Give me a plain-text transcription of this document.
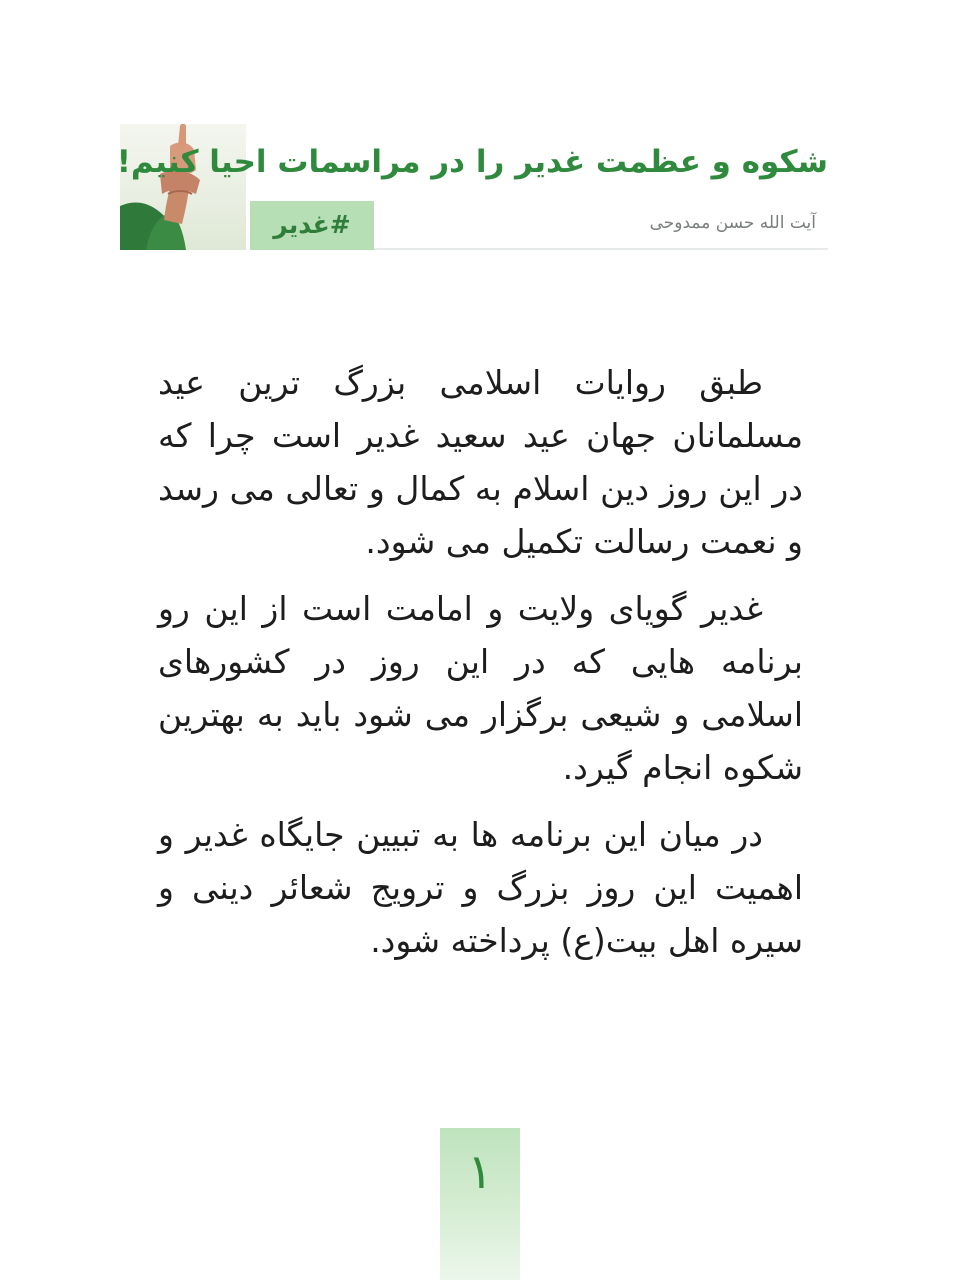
شکوه و عظمت غدیر را در مراسمات احیا کنیم!
#غدیر	آیت الله حسن ممدوحی

طبق روایات اسلامی بزرگ ترین عید مسلمانان جهان عید سعید غدیر است چرا که در این روز دین اسلام به کمال و تعالی می رسد و نعمت رسالت تکمیل می شود.

غدیر گویای ولایت و امامت است از این رو برنامه هایی که در این روز در کشورهای اسلامی و شیعی برگزار می شود باید به بهترین شکوه انجام گیرد.

در میان این برنامه ها به تبیین جایگاه غدیر و اهمیت این روز بزرگ و ترویج شعائر دینی و سیره اهل بیت(ع) پرداخته شود.

۱
